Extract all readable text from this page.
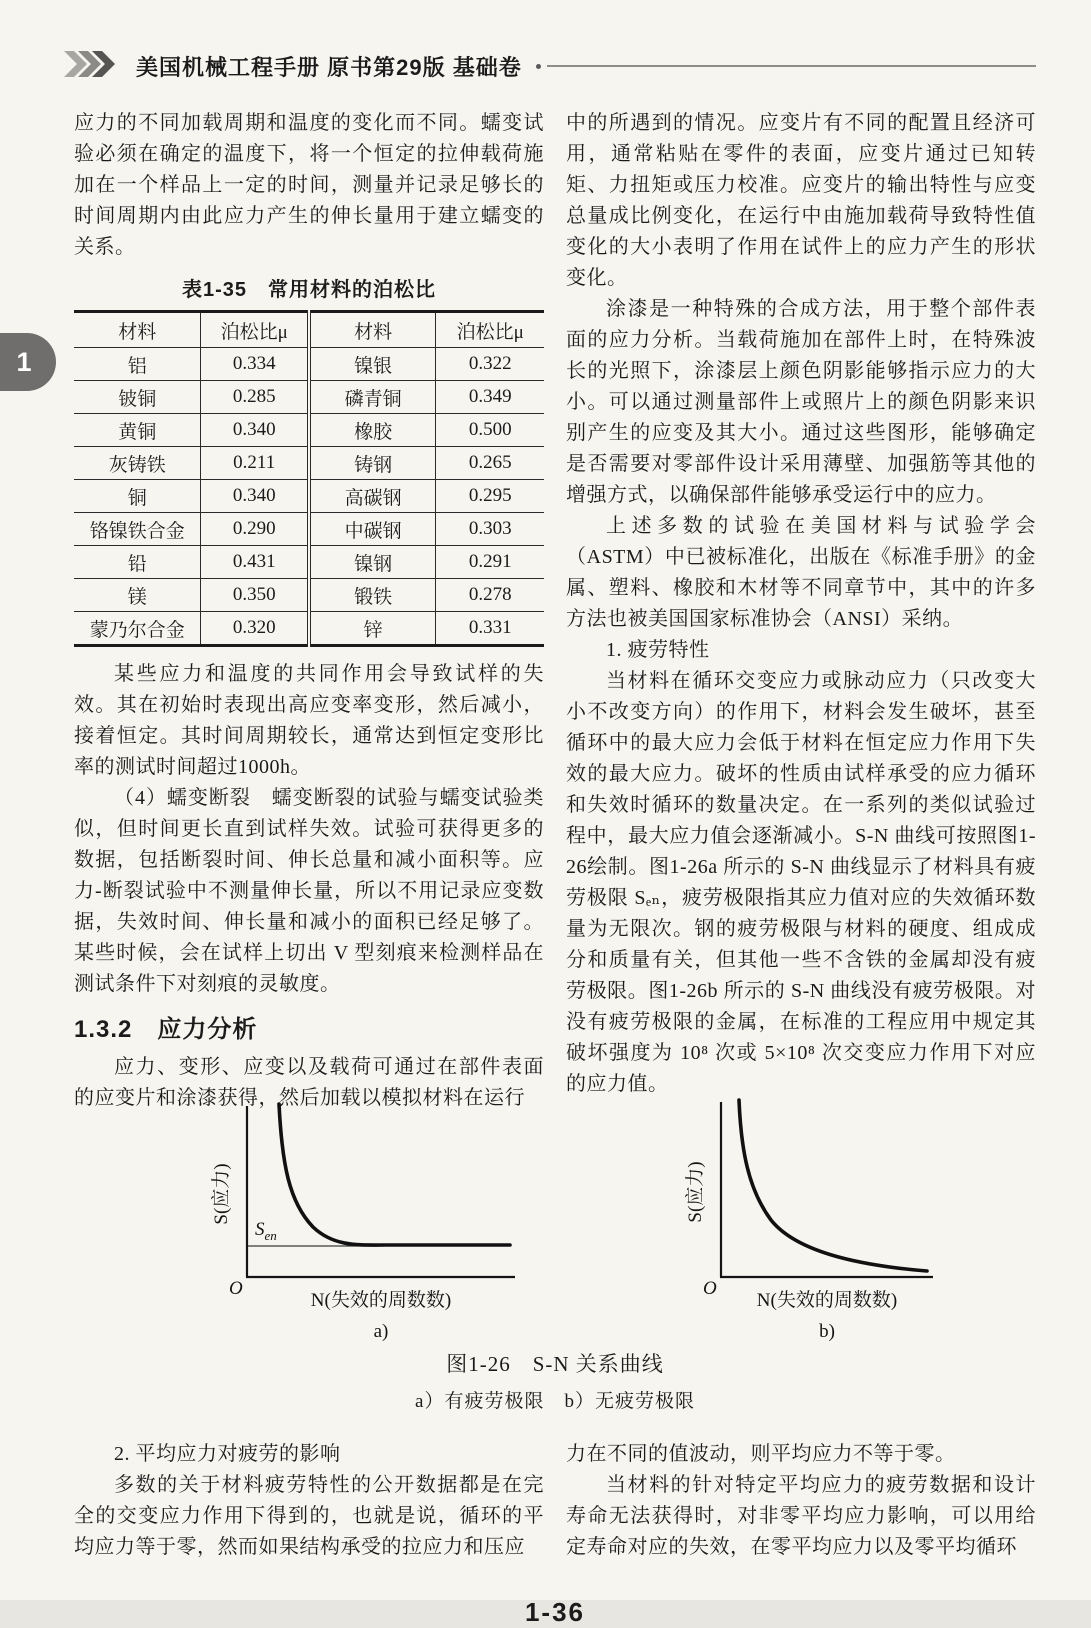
美国机械工程手册 原书第29版 基础卷
1

应力的不同加载周期和温度的变化而不同。蠕变试验必须在确定的温度下，将一个恒定的拉伸载荷施加在一个样品上一定的时间，测量并记录足够长的时间周期内由此应力产生的伸长量用于建立蠕变的关系。

表1-35　常用材料的泊松比
材料	泊松比μ	材料	泊松比μ
铝	0.334	镍银	0.322
铍铜	0.285	磷青铜	0.349
黄铜	0.340	橡胶	0.500
灰铸铁	0.211	铸钢	0.265
铜	0.340	高碳钢	0.295
铬镍铁合金	0.290	中碳钢	0.303
铅	0.431	镍钢	0.291
镁	0.350	锻铁	0.278
蒙乃尔合金	0.320	锌	0.331

某些应力和温度的共同作用会导致试样的失效。其在初始时表现出高应变率变形，然后减小，接着恒定。其时间周期较长，通常达到恒定变形比率的测试时间超过1000h。

（4）蠕变断裂　蠕变断裂的试验与蠕变试验类似，但时间更长直到试样失效。试验可获得更多的数据，包括断裂时间、伸长总量和减小面积等。应力-断裂试验中不测量伸长量，所以不用记录应变数据，失效时间、伸长量和减小的面积已经足够了。某些时候，会在试样上切出 V 型刻痕来检测样品在测试条件下对刻痕的灵敏度。

1.3.2　应力分析

应力、变形、应变以及载荷可通过在部件表面的应变片和涂漆获得，然后加载以模拟材料在运行

中的所遇到的情况。应变片有不同的配置且经济可用，通常粘贴在零件的表面，应变片通过已知转矩、力扭矩或压力校准。应变片的输出特性与应变总量成比例变化，在运行中由施加载荷导致特性值变化的大小表明了作用在试件上的应力产生的形状变化。

涂漆是一种特殊的合成方法，用于整个部件表面的应力分析。当载荷施加在部件上时，在特殊波长的光照下，涂漆层上颜色阴影能够指示应力的大小。可以通过测量部件上或照片上的颜色阴影来识别产生的应变及其大小。通过这些图形，能够确定是否需要对零部件设计采用薄壁、加强筋等其他的增强方式，以确保部件能够承受运行中的应力。

上述多数的试验在美国材料与试验学会（ASTM）中已被标准化，出版在《标准手册》的金属、塑料、橡胶和木材等不同章节中，其中的许多方法也被美国国家标准协会（ANSI）采纳。

1. 疲劳特性

当材料在循环交变应力或脉动应力（只改变大小不改变方向）的作用下，材料会发生破坏，甚至循环中的最大应力会低于材料在恒定应力作用下失效的最大应力。破坏的性质由试样承受的应力循环和失效时循环的数量决定。在一系列的类似试验过程中，最大应力值会逐渐减小。S-N 曲线可按照图1-26绘制。图1-26a 所示的 S-N 曲线显示了材料具有疲劳极限 Sₑₙ，疲劳极限指其应力值对应的失效循环数量为无限次。钢的疲劳极限与材料的硬度、组成成分和质量有关，但其他一些不含铁的金属却没有疲劳极限。图1-26b 所示的 S-N 曲线没有疲劳极限。对没有疲劳极限的金属，在标准的工程应用中规定其破坏强度为 10⁸ 次或 5×10⁸ 次交变应力作用下对应的应力值。

$S_{en}$
O
N(失效的周数数)
S(应力)
a)
O
N(失效的周数数)
S(应力)
b)

图1-26　S-N 关系曲线

a）有疲劳极限　b）无疲劳极限

2. 平均应力对疲劳的影响

多数的关于材料疲劳特性的公开数据都是在完全的交变应力作用下得到的，也就是说，循环的平均应力等于零，然而如果结构承受的拉应力和压应

力在不同的值波动，则平均应力不等于零。

当材料的针对特定平均应力的疲劳数据和设计寿命无法获得时，对非零平均应力影响，可以用给定寿命对应的失效，在零平均应力以及零平均循环

1-36
